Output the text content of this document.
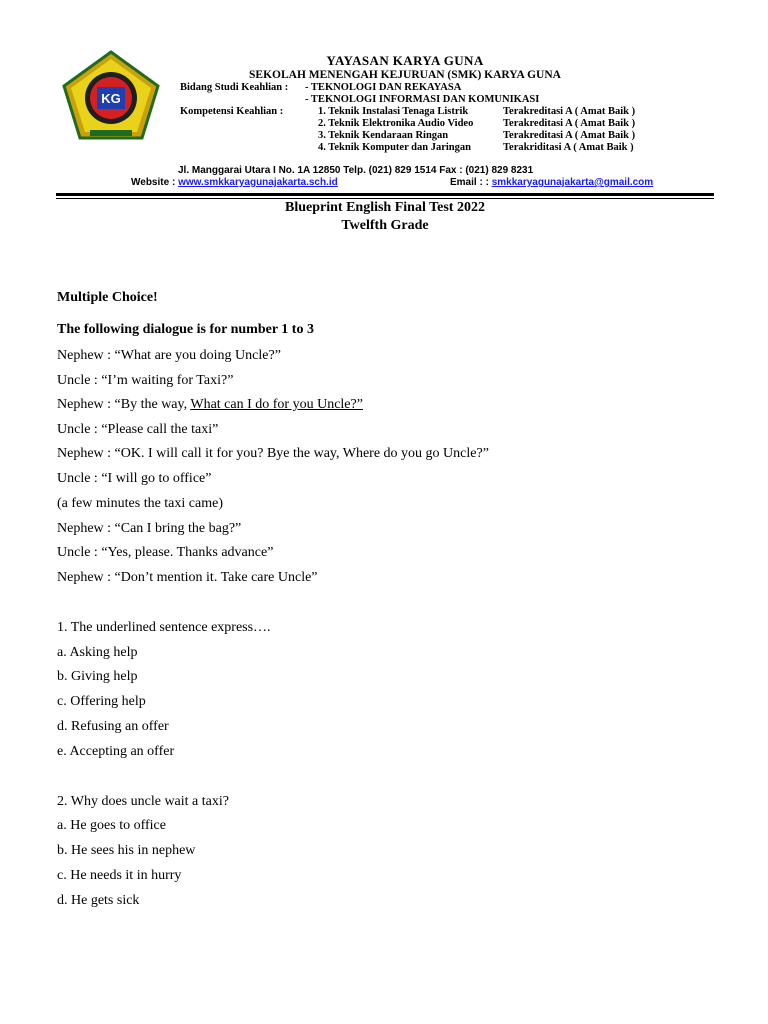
KG
YAYASAN KARYA GUNA
SEKOLAH MENENGAH KEJURUAN (SMK) KARYA GUNA
Bidang Studi Keahlian : - TEKNOLOGI DAN REKAYASA
- TEKNOLOGI INFORMASI DAN KOMUNIKASI
Kompetensi Keahlian :	1. Teknik Instalasi Tenaga Listrik	Terakreditasi A ( Amat Baik )
2. Teknik Elektronika Audio Video	Terakreditasi A ( Amat Baik )
3. Teknik Kendaraan Ringan	Terakreditasi A ( Amat Baik )
4. Teknik Komputer dan Jaringan	Terakriditasi A ( Amat Baik )
Jl. Manggarai Utara I No. 1A 12850 Telp. (021) 829 1514 Fax : (021) 829 8231
Website : www.smkkaryagunajakarta.sch.id	Email : : smkkaryagunajakarta@gmail.com
Blueprint English Final Test 2022
Twelfth Grade
Multiple Choice!
The following dialogue is for number 1 to 3
Nephew : “What are you doing Uncle?”
Uncle : “I’m waiting for Taxi?”
Nephew : “By the way, What can I do for you Uncle?”
Uncle : “Please call the taxi”
Nephew : “OK. I will call it for you? Bye the way, Where do you go Uncle?”
Uncle : “I will go to office”
(a few minutes the taxi came)
Nephew : “Can I bring the bag?”
Uncle : “Yes, please. Thanks advance”
Nephew : “Don’t mention it. Take care Uncle”
1. The underlined sentence express….
a. Asking help
b. Giving help
c. Offering help
d. Refusing an offer
e. Accepting an offer
2. Why does uncle wait a taxi?
a. He goes to office
b. He sees his in nephew
c. He needs it in hurry
d. He gets sick
